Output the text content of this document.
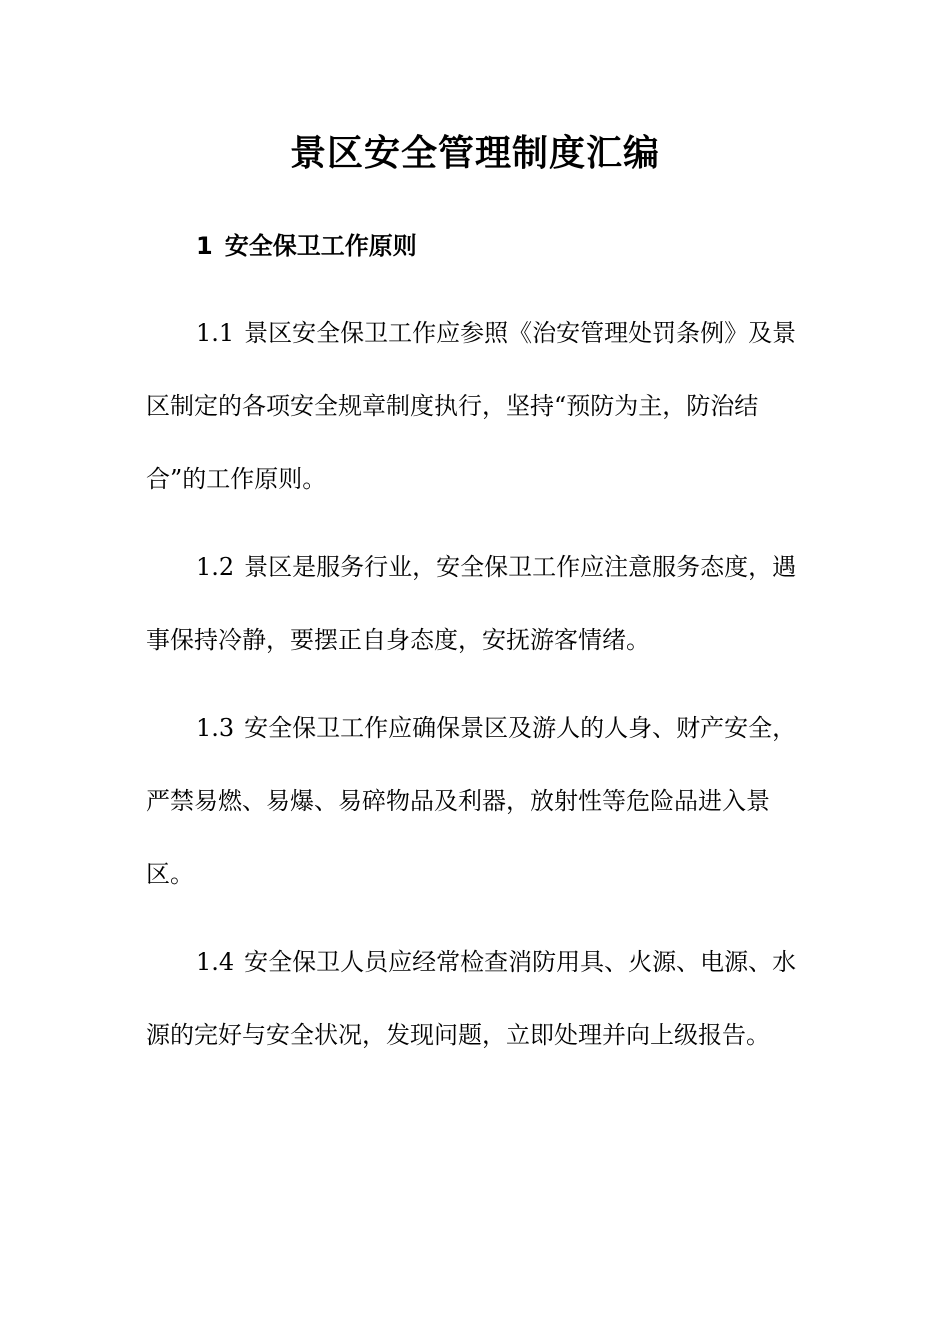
景区安全管理制度汇编
1 安全保卫工作原则

1.1 景区安全保卫工作应参照《治安管理处罚条例》及景区制定的各项安全规章制度执行，坚持“预防为主，防治结合”的工作原则。

1.2 景区是服务行业，安全保卫工作应注意服务态度，遇事保持冷静，要摆正自身态度，安抚游客情绪。

1.3 安全保卫工作应确保景区及游人的人身、财产安全，严禁易燃、易爆、易碎物品及利器，放射性等危险品进入景区。

1.4 安全保卫人员应经常检查消防用具、火源、电源、水源的完好与安全状况，发现问题，立即处理并向上级报告。
